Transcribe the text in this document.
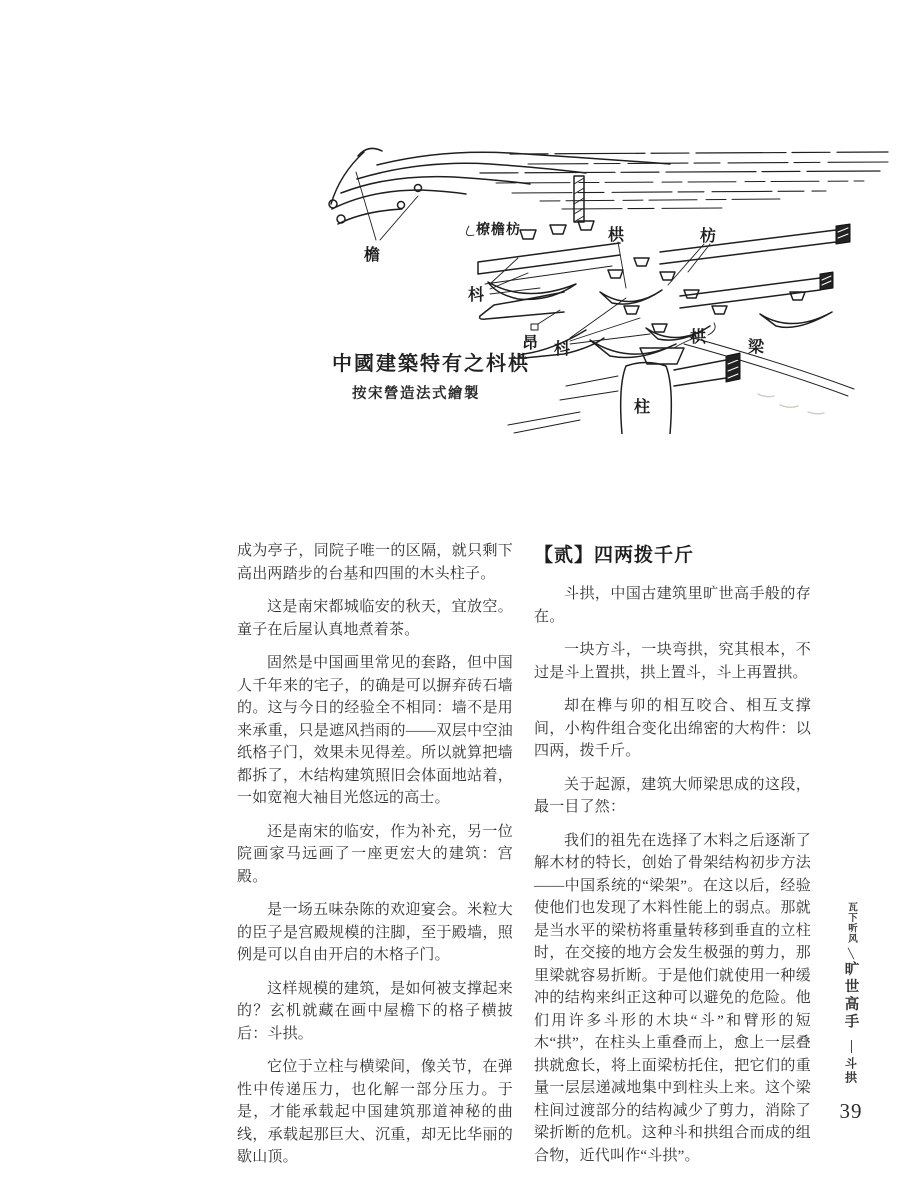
檐
橑檐枋	栱	枋
枓
昂 枓
栱
梁
柱
中國建築特有之枓栱
按宋營造法式繪製

成为亭子，同院子唯一的区隔，就只剩下高出两踏步的台基和四围的木头柱子。

这是南宋都城临安的秋天，宜放空。童子在后屋认真地煮着茶。

固然是中国画里常见的套路，但中国人千年来的宅子，的确是可以摒弃砖石墙的。这与今日的经验全不相同：墙不是用来承重，只是遮风挡雨的——双层中空油纸格子门，效果未见得差。所以就算把墙都拆了，木结构建筑照旧会体面地站着，一如宽袍大袖目光悠远的高士。

还是南宋的临安，作为补充，另一位院画家马远画了一座更宏大的建筑：宫殿。

是一场五味杂陈的欢迎宴会。米粒大的臣子是宫殿规模的注脚，至于殿墙，照例是可以自由开启的木格子门。

这样规模的建筑，是如何被支撑起来的？玄机就藏在画中屋檐下的格子横披后：斗拱。

它位于立柱与横梁间，像关节，在弹性中传递压力，也化解一部分压力。于是，才能承载起中国建筑那道神秘的曲线，承载起那巨大、沉重，却无比华丽的歇山顶。

【贰】四两拨千斤

斗拱，中国古建筑里旷世高手般的存在。

一块方斗，一块弯拱，究其根本，不过是斗上置拱，拱上置斗，斗上再置拱。

却在榫与卯的相互咬合、相互支撑间，小构件组合变化出绵密的大构件：以四两，拨千斤。

关于起源，建筑大师梁思成的这段，最一目了然：

我们的祖先在选择了木料之后逐渐了解木材的特长，创始了骨架结构初步方法——中国系统的“梁架”。在这以后，经验使他们也发现了木料性能上的弱点。那就是当水平的梁枋将重量转移到垂直的立柱时，在交接的地方会发生极强的剪力，那里梁就容易折断。于是他们就使用一种缓冲的结构来纠正这种可以避免的危险。他们用许多斗形的木块“斗”和臂形的短木“拱”，在柱头上重叠而上，愈上一层叠拱就愈长，将上面梁枋托住，把它们的重量一层层递减地集中到柱头上来。这个梁柱间过渡部分的结构减少了剪力，消除了梁折断的危机。这种斗和拱组合而成的组合物，近代叫作“斗拱”。

瓦下听风
╲
旷世高手
斗拱
39
